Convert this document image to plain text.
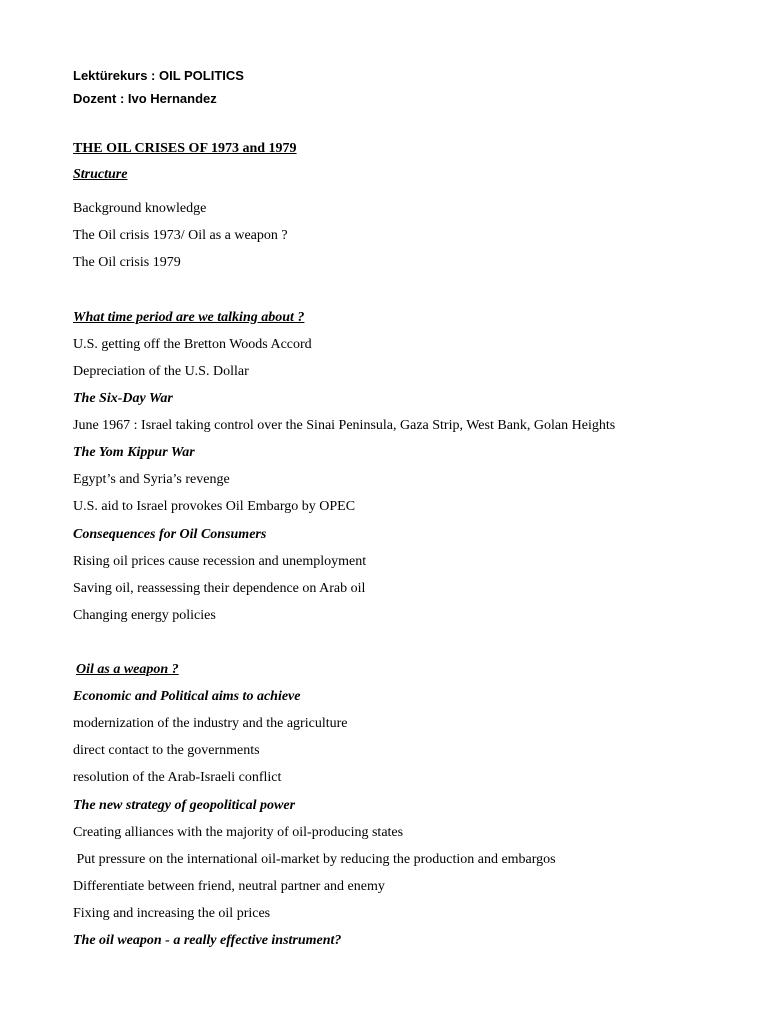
Lektürekurs : OIL POLITICS
Dozent : Ivo Hernandez
THE OIL CRISES OF 1973 and 1979
Structure
Background knowledge
The Oil crisis 1973/ Oil as a weapon ?
The Oil crisis 1979
What time period are we talking about ?
U.S. getting off the Bretton Woods Accord
Depreciation of the U.S. Dollar
The Six-Day War
June 1967 : Israel taking control over the Sinai Peninsula, Gaza Strip, West Bank, Golan Heights
The Yom Kippur War
Egypt’s and Syria’s revenge
U.S. aid to Israel provokes Oil Embargo by OPEC
Consequences for Oil Consumers
Rising oil prices cause recession and unemployment
Saving oil, reassessing their dependence on Arab oil
Changing energy policies
Oil as a weapon ?
Economic and Political aims to achieve
modernization of the industry and the agriculture
direct contact to the governments
resolution of the Arab-Israeli conflict
The new strategy of geopolitical power
Creating alliances with the majority of oil-producing states
Put pressure on the international oil-market by reducing the production and embargos
Differentiate between friend, neutral partner and enemy
Fixing and increasing the oil prices
The oil weapon - a really effective instrument?
